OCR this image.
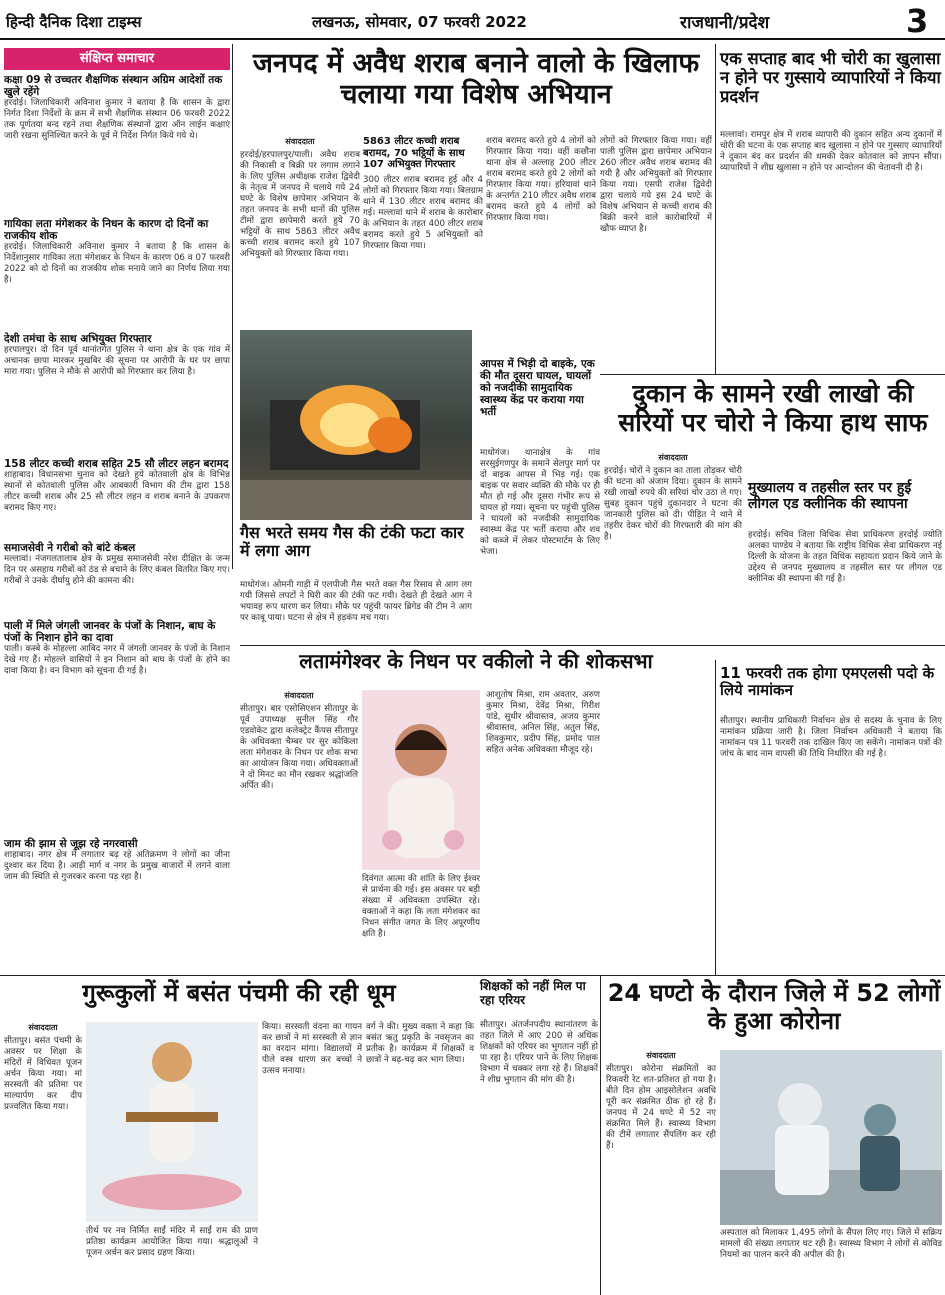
हिन्दी दैनिक दिशा टाइम्स	लखनऊ, सोमवार, 07 फरवरी 2022	राजधानी/प्रदेश	3
संक्षिप्त समाचार
कक्षा 09 से उच्चतर शैक्षणिक संस्थान अग्रिम आदेशों तक खुले रहेंगे
हरदोई। जिलाधिकारी अविनाश कुमार ने बताया है कि शासन के द्वारा निर्गत दिशा निर्देशों के क्रम में सभी शैक्षणिक संस्थान 06 फरवरी 2022 तक पूर्णतया बन्द रहने तथा शैक्षणिक संस्थानों द्वारा ऑन लाईन कक्षाएं जारी रखना सुनिश्चित करने के पूर्व में निर्देश निर्गत किये गये थे।
गायिका लता मंगेशकर के निधन के कारण दो दिनों का राजकीय शोक
हरदोई। जिलाधिकारी अविनाश कुमार ने बताया है कि शासन के निर्देशानुसार गायिका लता मंगेशकर के निधन के कारण 06 व 07 फरवरी 2022 को दो दिनों का राजकीय शोक मनाये जाने का निर्णय लिया गया है।
देशी तमंचा के साथ अभियुक्त गिरफ्तार
हरपालपुर। दो दिन पूर्व थानांतर्गत पुलिस ने थाना क्षेत्र के एक गांव में अचानक छापा मारकर मुखबिर की सूचना पर आरोपी के घर पर छापा मारा गया। पुलिस ने मौके से आरोपी को गिरफ्तार कर लिया है।
158 लीटर कच्ची शराब सहित 25 सौ लीटर लहन बरामद
शाहाबाद। विधानसभा चुनाव को देखते हुये कोतवाली क्षेत्र के विभिन्न स्थानों से कोतवाली पुलिस और आबकारी विभाग की टीम द्वारा 158 लीटर कच्ची शराब और 25 सौ लीटर लहन व शराब बनाने के उपकरण बरामद किए गए।
समाजसेवी ने गरीबो को बांटे कंबल
मल्लावां। नंजगलतालाब क्षेत्र के प्रमुख समाजसेवी नरेश दीक्षित के जन्म दिन पर असहाय गरीबों को ठंड से बचाने के लिए कंबल वितरित किए गए। गरीबों ने उनके दीर्घायु होने की कामना की।
पाली में मिले जंगली जानवर के पंजों के निशान, बाघ के पंजों के निशान होने का दावा
पाली। कस्बे के मोहल्ला आबिद नगर में जंगली जानवर के पंजों के निशान देखे गए हैं। मोहल्ले वासियों ने इन निशान को बाघ के पंजों के होने का दावा किया है। वन विभाग को सूचना दी गई है।
जाम की झाम से जूझ रहे नगरवासी
शाहाबाद। नगर क्षेत्र में लगातार बढ़ रहे अतिक्रमण ने लोगों का जीना दुश्वार कर दिया है। आड़ी मार्ग व नगर के प्रमुख बाजारों में लगने वाला जाम की स्थिति से गुजरकर करना पड़ रहा है।
जनपद में अवैध शराब बनाने वालो के खिलाफ चलाया गया विशेष अभियान
संवाददाता
हरदोई/हरपालपुर/पाली। अवैध शराब की निकासी व बिक्री पर लगाम लगाने के लिए पुलिस अधीक्षक राजेश द्विवेदी के नेतृत्व में जनपद में चलाये गये 24 घण्टे के विशेष छापेमार अभियान के तहत जनपद के सभी थानों की पुलिस टीमों द्वारा छापेमारी करते हुये 70 भट्ठियों के साथ 5863 लीटर अवैध कच्ची शराब बरामद करते हुये 107 अभियुक्तों को गिरफ्तार किया गया।
5863 लीटर कच्ची शराब बरामद, 70 भट्ठियों के साथ 107 अभियुक्त गिरफ्तार
300 लीटर शराब बरामद हुई और 4 लोगों को गिरफ्तार किया गया। बिलग्राम थाने में 130 लीटर शराब बरामद की गई। मल्लावां थाने में शराब के कारोबार के अभियान के तहत 400 लीटर शराब बरामद करते हुये 5 अभियुक्तों को गिरफ्तार किया गया।
शराब बरामद करते हुये 4 लोगों को गिरफ्तार किया गया। वहीं कछौना थाना क्षेत्र से अल्लाह 200 लीटर शराब बरामद करते हुये 2 लोगों को गिरफ्तार किया गया। हरियावां थाने के अन्तर्गत 210 लीटर अवैध शराब बरामद करते हुये 4 लोगों को गिरफ्तार किया गया।
लोगों को गिरफ्तार किया गया। वहीं पाली पुलिस द्वारा छापेमार अभियान 260 लीटर अवैध शराब बरामद की गयी है और अभियुक्तों को गिरफ्तार किया गया। एसपी राजेश द्विवेदी द्वारा चलाये गये इस 24 घण्टे के विशेष अभियान से कच्ची शराब की बिक्री करने वाले कारोबारियों में खौफ व्याप्त है।
गैस भरते समय गैस की टंकी फटा कार में लगा आग
माधोगंज। ओमनी गाड़ी में एलपीजी गैस भरते वक्त गैस रिसाव से आग लग गयी जिससे लपटों ने घिरी कार की टंकी फट गयी। देखते ही देखते आग ने भयावह रूप धारण कर लिया। मौके पर पहुंची फायर ब्रिगेड की टीम ने आग पर काबू पाया। घटना से क्षेत्र में हड़कंप मच गया।
आपस में भिड़ी दो बाइके, एक की मौत दूसरा घायल, घायलों को नजदीकी सामुदायिक स्वास्थ्य केंद्र पर कराया गया भर्ती
माधोगंज। थानाक्षेत्र के गांव सरसुईगणपुर के समाने सेलपुर मार्ग पर दो बाइक आपस में भिड़ गई। एक बाइक पर सवार व्यक्ति की मौके पर ही मौत हो गई और दूसरा गंभीर रूप से घायल हो गया। सूचना पर पहुंची पुलिस ने घायलों को नजदीकी सामुदायिक स्वास्थ्य केंद्र पर भर्ती कराया और शव को कब्जे में लेकर पोस्टमार्टम के लिए भेजा।
एक सप्ताह बाद भी चोरी का खुलासा न होने पर गुस्साये व्यापारियों ने किया प्रदर्शन
मल्लावां। रामपुर क्षेत्र में शराब व्यापारी की दुकान सहित अन्य दुकानों में चोरी की घटना के एक सप्ताह बाद खुलासा न होने पर गुस्साए व्यापारियों ने दुकान बंद कर प्रदर्शन की धमकी देकर कोतवाल को ज्ञापन सौंपा। व्यापारियों ने शीघ्र खुलासा न होने पर आन्दोलन की चेतावनी दी है।
दुकान के सामने रखी लाखो की सरियों पर चोरो ने किया हाथ साफ
संवाददाता
हरदोई। चोरों ने दुकान का ताला तोड़कर चोरी की घटना को अंजाम दिया। दुकान के सामने रखी लाखों रुपये की सरियां चोर उठा ले गए। सुबह दुकान पहुंचे दुकानदार ने घटना की जानकारी पुलिस को दी। पीड़ित ने थाने में तहरीर देकर चोरों की गिरफ्तारी की मांग की है।
मुख्यालय व तहसील स्तर पर हुई लीगल एड क्लीनिक की स्थापना
हरदोई। सचिव जिला विधिक सेवा प्राधिकरण हरदोई ज्योति अलका पाण्डेय ने बताया कि राष्ट्रीय विधिक सेवा प्राधिकरण नई दिल्ली के योजना के तहत विधिक सहायता प्रदान किये जाने के उद्देश्य से जनपद मुख्यालय व तहसील स्तर पर लीगल एड क्लीनिक की स्थापना की गई है।
लतामंगेश्वर के निधन पर वकीलो ने की शोकसभा
संवाददाता
सीतापुर। बार एसोसिएशन सीतापुर के पूर्व उपाध्यक्ष सुनील सिंह गौर एडवोकेट द्वारा कलेक्ट्रेट कैंपस सीतापुर के अधिवक्ता चैम्बर पर सुर कोकिला लता मंगेशकर के निधन पर शोक सभा का आयोजन किया गया। अधिवक्ताओं ने दो मिनट का मौन रखकर श्रद्धांजलि अर्पित की।
दिवंगत आत्मा की शांति के लिए ईश्वर से प्रार्थना की गई। इस अवसर पर बड़ी संख्या में अधिवक्ता उपस्थित रहे। वक्ताओं ने कहा कि लता मंगेशकर का निधन संगीत जगत के लिए अपूरणीय क्षति है।
आशुतोष मिश्रा, राम अवतार, अरुण कुमार मिश्रा, देवेंद्र मिश्रा, गिरीश पांडे, सुधीर श्रीवास्तव, अजय कुमार श्रीवास्तव, अनिल सिंह, अतुल सिंह, शिवकुमार, प्रदीप सिंह, प्रमोद पाल सहित अनेक अधिवक्ता मौजूद रहे।
11 फरवरी तक होगा एमएलसी पदो के लिये नामांकन
सीतापुर। स्थानीय प्राधिकारी निर्वाचन क्षेत्र से सदस्य के चुनाव के लिए नामांकन प्रक्रिया जारी है। जिला निर्वाचन अधिकारी ने बताया कि नामांकन पत्र 11 फरवरी तक दाखिल किए जा सकेंगे। नामांकन पत्रों की जांच के बाद नाम वापसी की तिथि निर्धारित की गई है।
गुरूकुलों में बसंत पंचमी की रही धूम
संवाददाता
सीतापुर। बसंत पंचमी के अवसर पर शिक्षा के मंदिरों में विधिवत पूजन अर्चन किया गया। मां सरस्वती की प्रतिमा पर माल्यार्पण कर दीप प्रज्वलित किया गया।
तीर्थ पर नव निर्मित साईं मंदिर में साईं राम की प्राण प्रतिष्ठा कार्यक्रम आयोजित किया गया। श्रद्धालुओं ने पूजन अर्चन कर प्रसाद ग्रहण किया।
किया। सरस्वती वंदना का गायन कर छात्रों ने मां सरस्वती से ज्ञान का वरदान मांगा। विद्यालयों में पीले वस्त्र धारण कर बच्चों ने उत्सव मनाया।
वर्ग ने की। मुख्य वक्ता ने कहा कि बसंत ऋतु प्रकृति के नवसृजन का प्रतीक है। कार्यक्रम में शिक्षकों व छात्रों ने बढ़-चढ़ कर भाग लिया।
शिक्षकों को नहीं मिल पा रहा एरियर
सीतापुर। अंतर्जनपदीय स्थानांतरण के तहत जिले में आए 200 से अधिक शिक्षकों को एरियर का भुगतान नहीं हो पा रहा है। एरियर पाने के लिए शिक्षक विभाग में चक्कर लगा रहे हैं। शिक्षकों ने शीघ्र भुगतान की मांग की है।
24 घण्टो के दौरान जिले में 52 लोगों के हुआ कोरोना
संवाददाता
सीतापुर। कोरोना संक्रमितों का रिकवरी रेट शत-प्रतिशत हो गया है। बीते दिन होम आइसोलेशन अवधि पूरी कर संक्रमित ठीक हो रहे हैं। जनपद में 24 घण्टे में 52 नए संक्रमित मिले हैं। स्वास्थ्य विभाग की टीमें लगातार सैंपलिंग कर रही हैं।
अस्पताल को मिलाकर 1,495 लोगों के सैंपल लिए गए। जिले में सक्रिय मामलों की संख्या लगातार घट रही है। स्वास्थ्य विभाग ने लोगों से कोविड नियमों का पालन करने की अपील की है।
